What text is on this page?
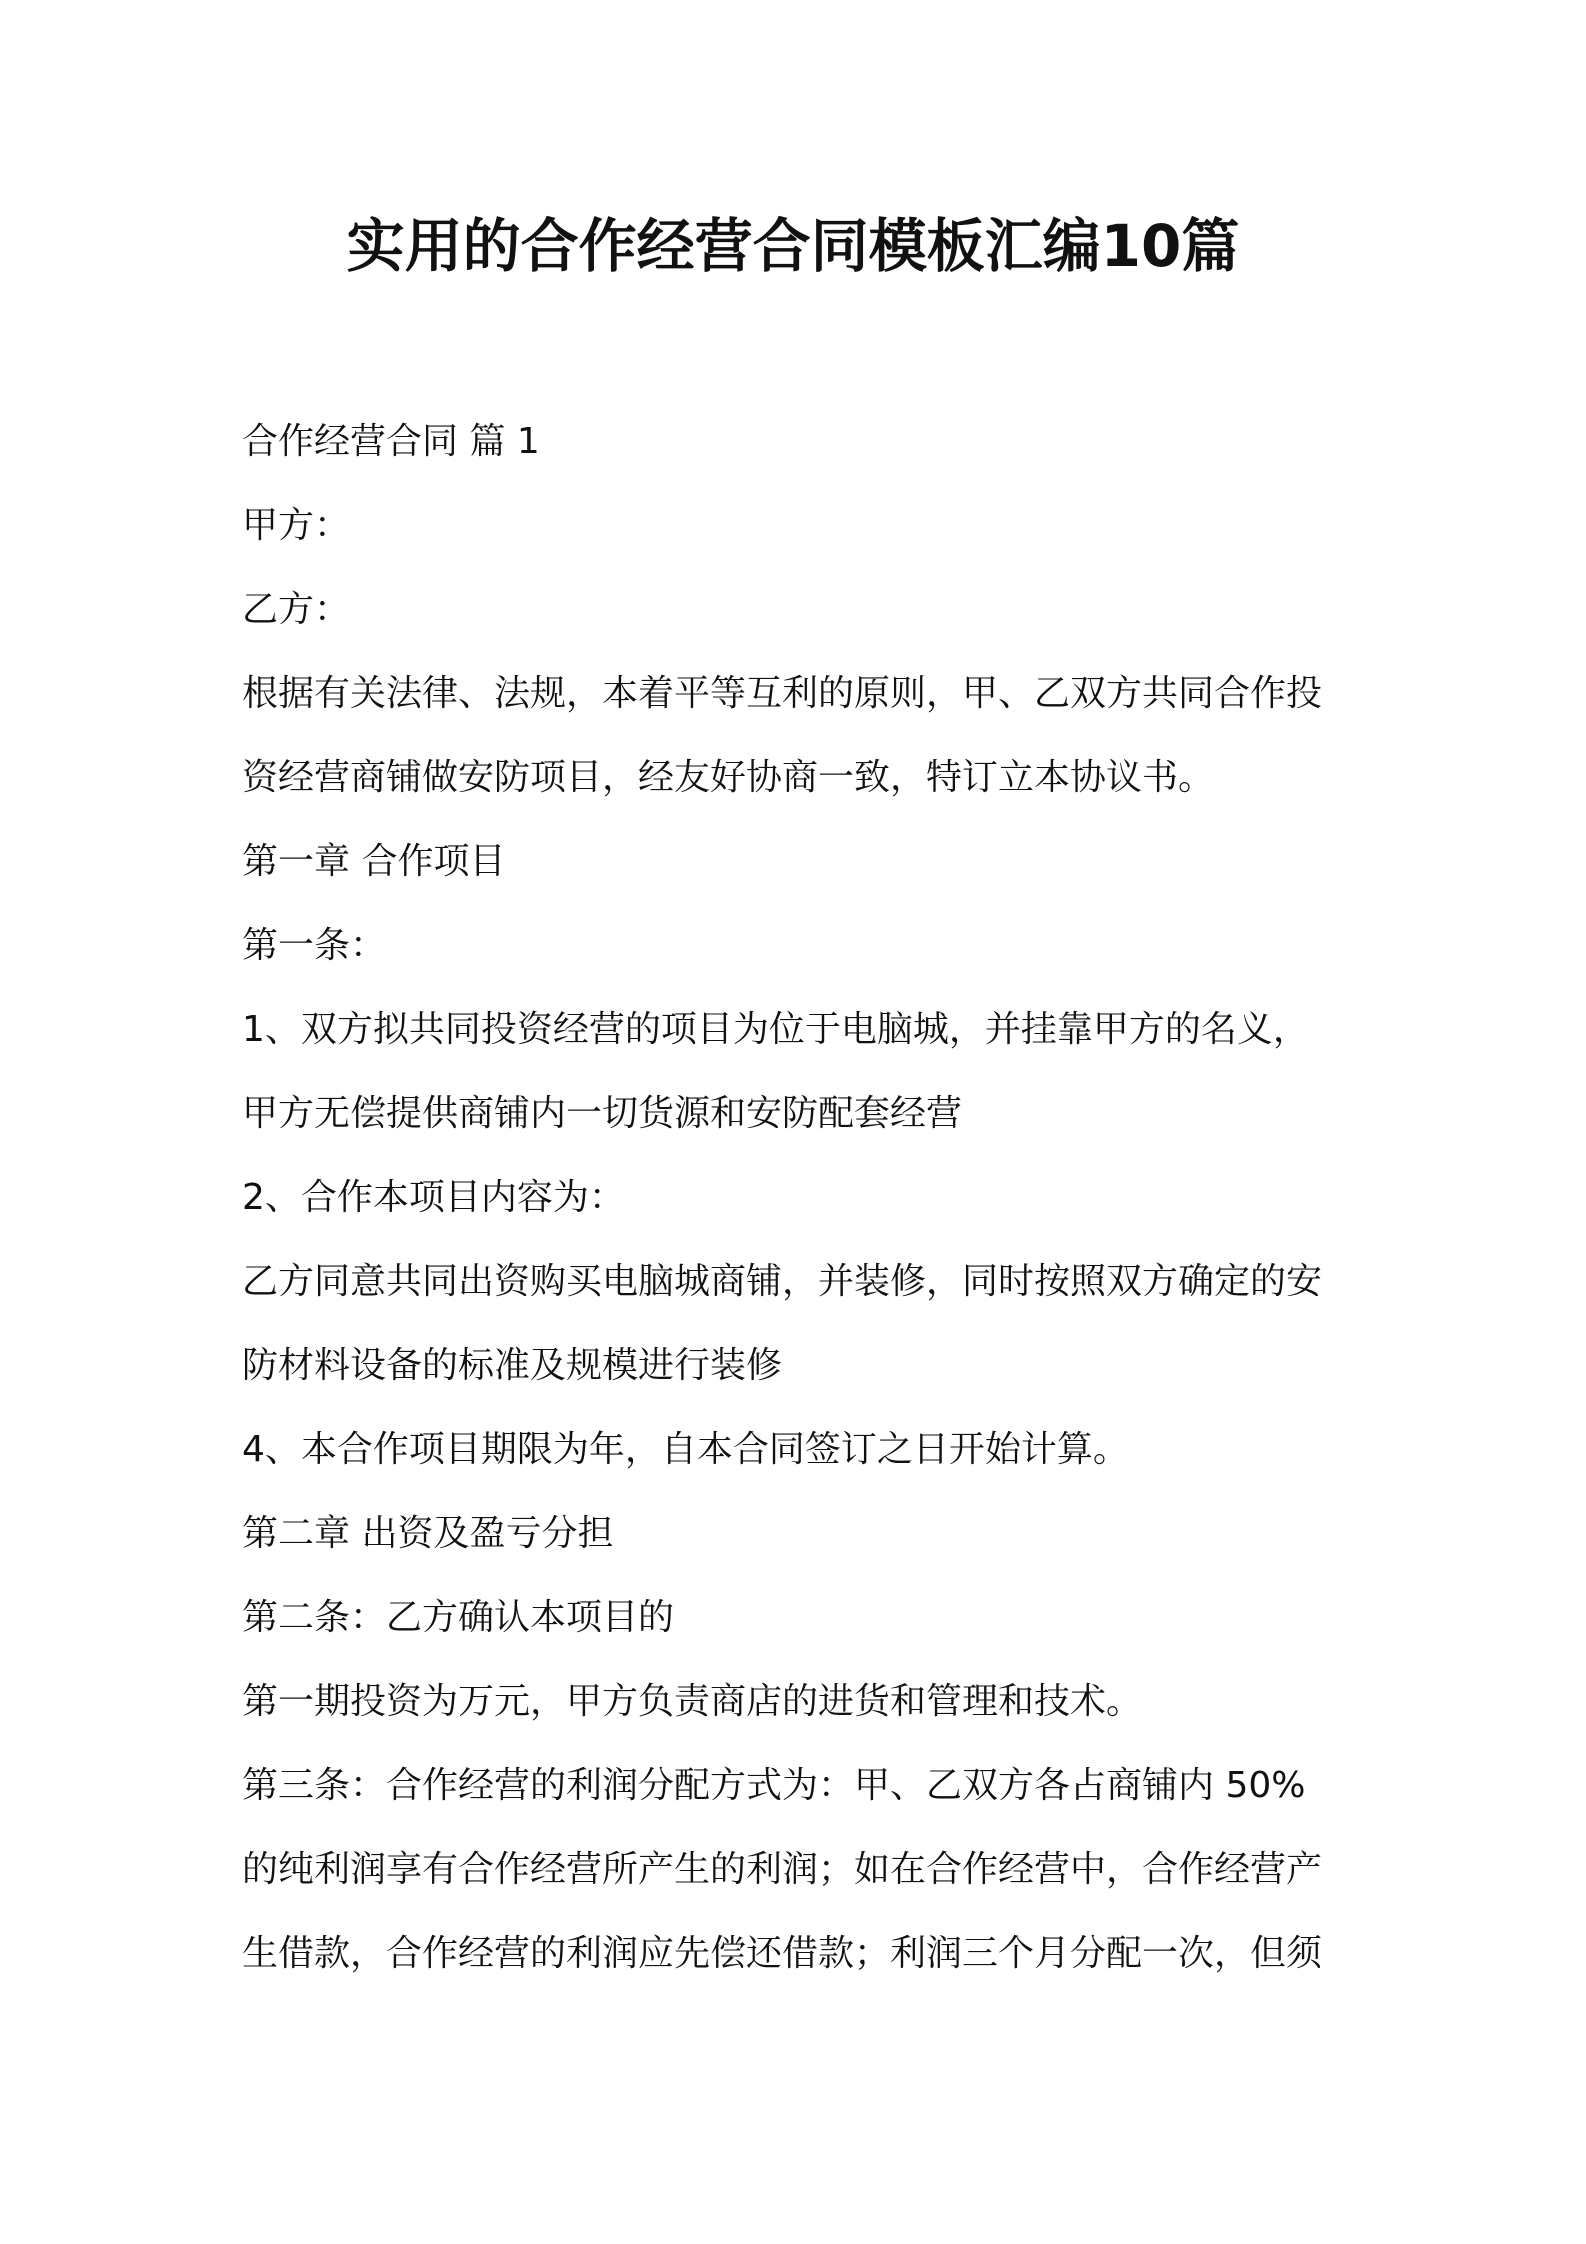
实用的合作经营合同模板汇编10篇
合作经营合同 篇 1
甲方：
乙方：
根据有关法律、法规，本着平等互利的原则，甲、乙双方共同合作投
资经营商铺做安防项目，经友好协商一致，特订立本协议书。
第一章 合作项目
第一条：
1、双方拟共同投资经营的项目为位于电脑城，并挂靠甲方的名义，
甲方无偿提供商铺内一切货源和安防配套经营
2、合作本项目内容为：
乙方同意共同出资购买电脑城商铺，并装修，同时按照双方确定的安
防材料设备的标准及规模进行装修
4、本合作项目期限为年，自本合同签订之日开始计算。
第二章 出资及盈亏分担
第二条：乙方确认本项目的
第一期投资为万元，甲方负责商店的进货和管理和技术。
第三条：合作经营的利润分配方式为：甲、乙双方各占商铺内 50%
的纯利润享有合作经营所产生的利润；如在合作经营中，合作经营产
生借款，合作经营的利润应先偿还借款；利润三个月分配一次，但须
